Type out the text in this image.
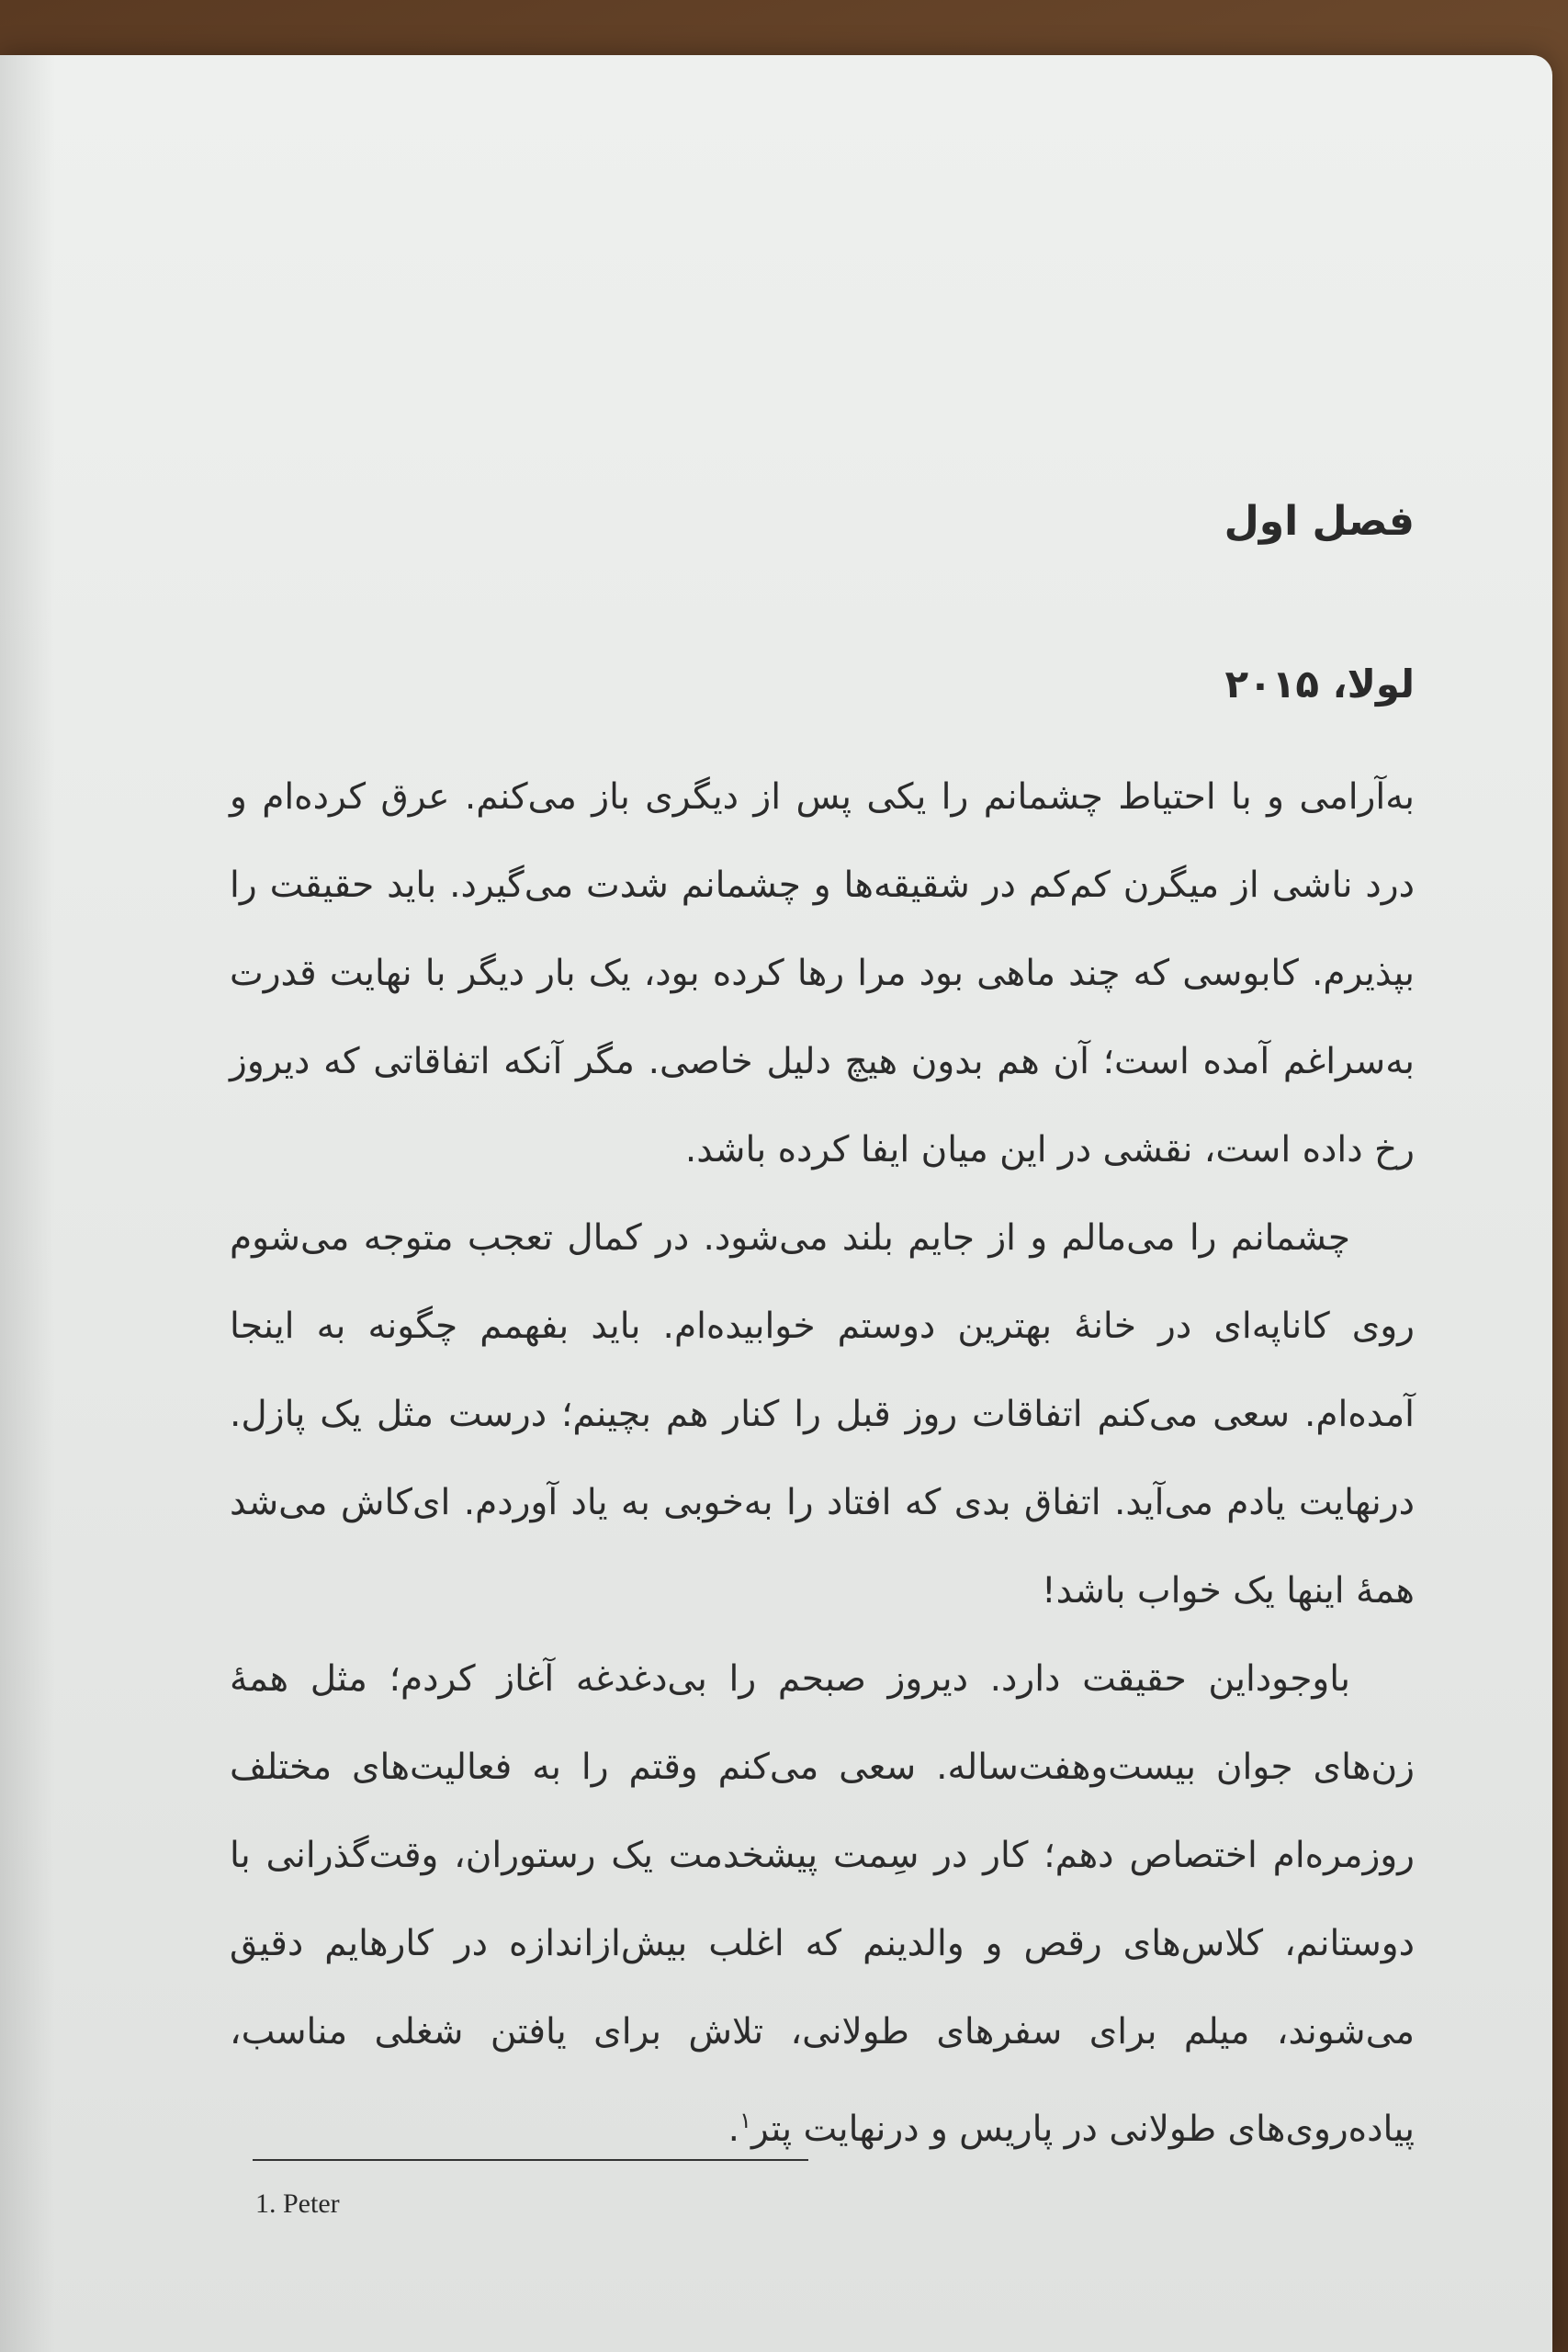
فصل اول
لولا، ۲۰۱۵

به‌آرامی و با احتیاط چشمانم را یکی پس از دیگری باز می‌کنم. عرق کرده‌ام و درد ناشی از میگرن کم‌کم در شقیقه‌ها و چشمانم شدت می‌گیرد. باید حقیقت را بپذیرم. کابوسی که چند ماهی بود مرا رها کرده بود، یک بار دیگر با نهایت قدرت به‌سراغم آمده است؛ آن هم بدون هیچ دلیل خاصی. مگر آنکه اتفاقاتی که دیروز رخ داده است، نقشی در این میان ایفا کرده باشد.

چشمانم را می‌مالم و از جایم بلند می‌شود. در کمال تعجب متوجه می‌شوم روی کاناپه‌ای در خانهٔ بهترین دوستم خوابیده‌ام. باید بفهمم چگونه به اینجا آمده‌ام. سعی می‌کنم اتفاقات روز قبل را کنار هم بچینم؛ درست مثل یک پازل. درنهایت یادم می‌آید. اتفاق بدی که افتاد را به‌خوبی به یاد آوردم. ای‌کاش می‌شد همهٔ اینها یک خواب باشد!

باوجوداین حقیقت دارد. دیروز صبحم را بی‌دغدغه آغاز کردم؛ مثل همهٔ زن‌های جوان بیست‌وهفت‌ساله. سعی می‌کنم وقتم را به فعالیت‌های مختلف روزمره‌ام اختصاص دهم؛ کار در سِمت پیشخدمت یک رستوران، وقت‌گذرانی با دوستانم، کلاس‌های رقص و والدینم که اغلب بیش‌ازاندازه در کارهایم دقیق می‌شوند، میلم برای سفرهای طولانی، تلاش برای یافتن شغلی مناسب، پیاده‌روی‌های طولانی در پاریس و درنهایت پتر$^۱$.

1. Peter
